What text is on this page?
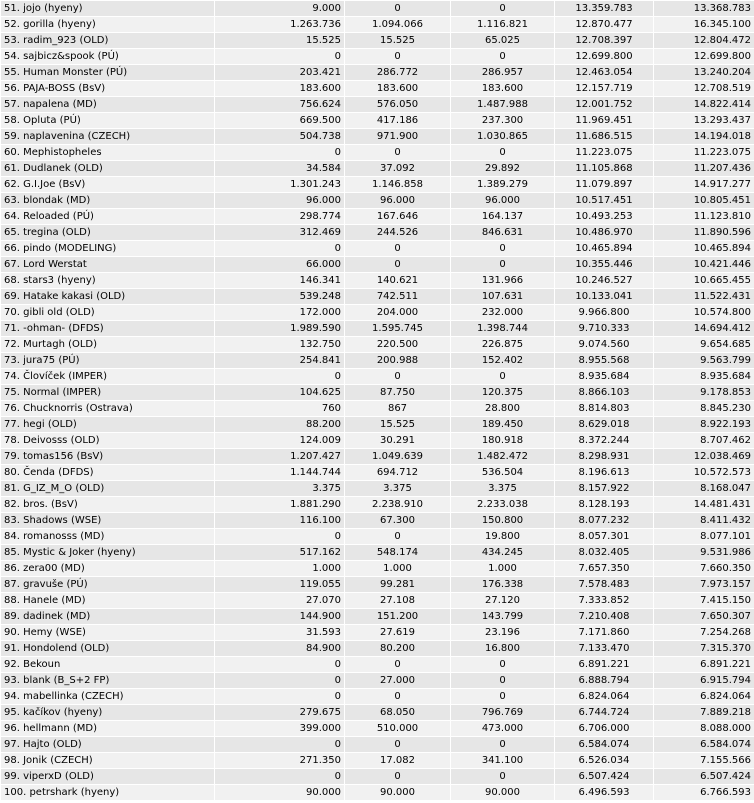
51. jojo (hyeny)	9.000	0	0	13.359.783	13.368.783
52. gorilla (hyeny)	1.263.736	1.094.066	1.116.821	12.870.477	16.345.100
53. radim_923 (OLD)	15.525	15.525	65.025	12.708.397	12.804.472
54. sajbicz&spook (PÚ)	0	0	0	12.699.800	12.699.800
55. Human Monster (PÚ)	203.421	286.772	286.957	12.463.054	13.240.204
56. PAJA-BOSS (BsV)	183.600	183.600	183.600	12.157.719	12.708.519
57. napalena (MD)	756.624	576.050	1.487.988	12.001.752	14.822.414
58. Opluta (PÚ)	669.500	417.186	237.300	11.969.451	13.293.437
59. naplavenina (CZECH)	504.738	971.900	1.030.865	11.686.515	14.194.018
60. Mephistopheles	0	0	0	11.223.075	11.223.075
61. Dudlanek (OLD)	34.584	37.092	29.892	11.105.868	11.207.436
62. G.I.Joe (BsV)	1.301.243	1.146.858	1.389.279	11.079.897	14.917.277
63. blondak (MD)	96.000	96.000	96.000	10.517.451	10.805.451
64. Reloaded (PÚ)	298.774	167.646	164.137	10.493.253	11.123.810
65. tregina (OLD)	312.469	244.526	846.631	10.486.970	11.890.596
66. pindo (MODELING)	0	0	0	10.465.894	10.465.894
67. Lord Werstat	66.000	0	0	10.355.446	10.421.446
68. stars3 (hyeny)	146.341	140.621	131.966	10.246.527	10.665.455
69. Hatake kakasi (OLD)	539.248	742.511	107.631	10.133.041	11.522.431
70. gibli old (OLD)	172.000	204.000	232.000	9.966.800	10.574.800
71. -ohman- (DFDS)	1.989.590	1.595.745	1.398.744	9.710.333	14.694.412
72. Murtagh (OLD)	132.750	220.500	226.875	9.074.560	9.654.685
73. jura75 (PÚ)	254.841	200.988	152.402	8.955.568	9.563.799
74. Človíček (IMPER)	0	0	0	8.935.684	8.935.684
75. Normal (IMPER)	104.625	87.750	120.375	8.866.103	9.178.853
76. Chucknorris (Ostrava)	760	867	28.800	8.814.803	8.845.230
77. hegi (OLD)	88.200	15.525	189.450	8.629.018	8.922.193
78. Deivosss (OLD)	124.009	30.291	180.918	8.372.244	8.707.462
79. tomas156 (BsV)	1.207.427	1.049.639	1.482.472	8.298.931	12.038.469
80. Čenda (DFDS)	1.144.744	694.712	536.504	8.196.613	10.572.573
81. G_IZ_M_O (OLD)	3.375	3.375	3.375	8.157.922	8.168.047
82. bros. (BsV)	1.881.290	2.238.910	2.233.038	8.128.193	14.481.431
83. Shadows (WSE)	116.100	67.300	150.800	8.077.232	8.411.432
84. romanosss (MD)	0	0	19.800	8.057.301	8.077.101
85. Mystic & Joker (hyeny)	517.162	548.174	434.245	8.032.405	9.531.986
86. zera00 (MD)	1.000	1.000	1.000	7.657.350	7.660.350
87. gravuše (PÚ)	119.055	99.281	176.338	7.578.483	7.973.157
88. Hanele (MD)	27.070	27.108	27.120	7.333.852	7.415.150
89. dadinek (MD)	144.900	151.200	143.799	7.210.408	7.650.307
90. Hemy (WSE)	31.593	27.619	23.196	7.171.860	7.254.268
91. Hondolend (OLD)	84.900	80.200	16.800	7.133.470	7.315.370
92. Bekoun	0	0	0	6.891.221	6.891.221
93. blank (B_S+2 FP)	0	27.000	0	6.888.794	6.915.794
94. mabellinka (CZECH)	0	0	0	6.824.064	6.824.064
95. kačíkov (hyeny)	279.675	68.050	796.769	6.744.724	7.889.218
96. hellmann (MD)	399.000	510.000	473.000	6.706.000	8.088.000
97. Hajto (OLD)	0	0	0	6.584.074	6.584.074
98. Jonik (CZECH)	271.350	17.082	341.100	6.526.034	7.155.566
99. viperxD (OLD)	0	0	0	6.507.424	6.507.424
100. petrshark (hyeny)	90.000	90.000	90.000	6.496.593	6.766.593
